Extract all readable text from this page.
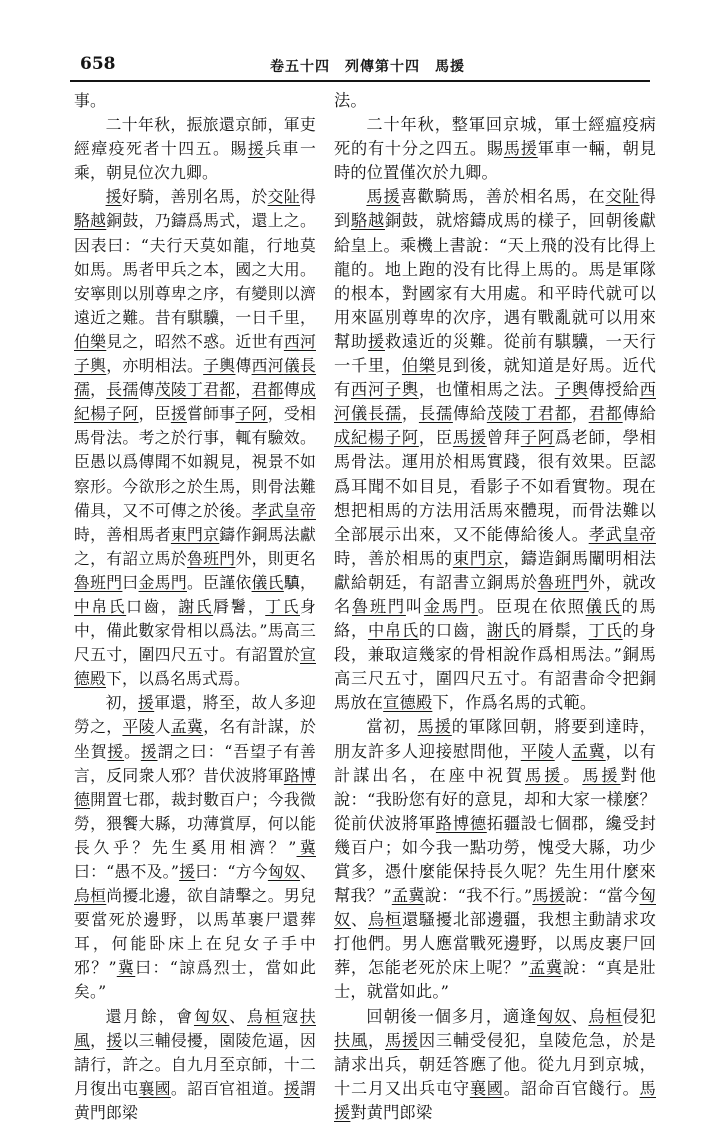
658	卷五十四　列傳第十四　馬援

事。

二十年秋，振旅還京師，軍吏經瘴疫死者十四五。賜援兵車一乘，朝見位次九卿。

援好騎，善別名馬，於交阯得駱越銅鼓，乃鑄爲馬式，還上之。因表曰：“夫行天莫如龍，行地莫如馬。馬者甲兵之本，國之大用。安寧則以別尊卑之序，有變則以濟遠近之難。昔有騏驥，一日千里，伯樂見之，昭然不惑。近世有西河子輿，亦明相法。子輿傳西河儀長孺，長孺傳茂陵丁君都，君都傳成紀楊子阿，臣援嘗師事子阿，受相馬骨法。考之於行事，輒有驗效。臣愚以爲傳聞不如親見，視景不如察形。今欲形之於生馬，則骨法難備具，又不可傳之於後。孝武皇帝時，善相馬者東門京鑄作銅馬法獻之，有詔立馬於魯班門外，則更名魯班門曰金馬門。臣謹依儀氏𩥄，中帛氏口齒，謝氏脣鬐，丁氏身中，備此數家骨相以爲法。”馬高三尺五寸，圍四尺五寸。有詔置於宣德殿下，以爲名馬式焉。

初，援軍還，將至，故人多迎勞之，平陵人孟冀，名有計謀，於坐賀援。援謂之曰：“吾望子有善言，反同衆人邪？昔伏波將軍路博德開置七郡，裁封數百户；今我微勞，猥饗大縣，功薄賞厚，何以能長久乎？先生奚用相濟？”冀曰：“愚不及。”援曰：“方今匈奴、烏桓尚擾北邊，欲自請擊之。男兒要當死於邊野，以馬革裹尸還葬耳，何能卧床上在兒女子手中邪？”冀曰：“諒爲烈士，當如此矣。”

還月餘，會匈奴、烏桓寇扶風，援以三輔侵擾，園陵危逼，因請行，許之。自九月至京師，十二月復出屯襄國。詔百官祖道。援謂黄門郎梁

法。

二十年秋，整軍回京城，軍士經瘟疫病死的有十分之四五。賜馬援軍車一輛，朝見時的位置僅次於九卿。

馬援喜歡騎馬，善於相名馬，在交阯得到駱越銅鼓，就熔鑄成馬的樣子，回朝後獻給皇上。乘機上書說：“天上飛的没有比得上龍的。地上跑的没有比得上馬的。馬是軍隊的根本，對國家有大用處。和平時代就可以用來區別尊卑的次序，遇有戰亂就可以用來幫助援救遠近的災難。從前有騏驥，一天行一千里，伯樂見到後，就知道是好馬。近代有西河子輿，也懂相馬之法。子輿傳授給西河儀長孺，長孺傳給茂陵丁君都，君都傳給成紀楊子阿，臣馬援曾拜子阿爲老師，學相馬骨法。運用於相馬實踐，很有效果。臣認爲耳聞不如目見，看影子不如看實物。現在想把相馬的方法用活馬來體現，而骨法難以全部展示出來，又不能傳給後人。孝武皇帝時，善於相馬的東門京，鑄造銅馬闡明相法獻給朝廷，有詔書立銅馬於魯班門外，就改名魯班門叫金馬門。臣現在依照儀氏的馬絡，中帛氏的口齒，謝氏的脣鬃，丁氏的身段，兼取這幾家的骨相說作爲相馬法。”銅馬高三尺五寸，圍四尺五寸。有詔書命令把銅馬放在宣德殿下，作爲名馬的式範。

當初，馬援的軍隊回朝，將要到達時，朋友許多人迎接慰問他，平陵人孟冀，以有計謀出名，在座中祝賀馬援。馬援對他說：“我盼您有好的意見，却和大家一樣麼？從前伏波將軍路博德拓疆設七個郡，纔受封幾百户；如今我一點功勞，愧受大縣，功少賞多，憑什麼能保持長久呢？先生用什麼來幫我？”孟冀說：“我不行。”馬援說：“當今匈奴、烏桓還騷擾北部邊疆，我想主動請求攻打他們。男人應當戰死邊野，以馬皮裹尸回葬，怎能老死於床上呢？”孟冀說：“真是壯士，就當如此。”

回朝後一個多月，適逢匈奴、烏桓侵犯扶風，馬援因三輔受侵犯，皇陵危急，於是請求出兵，朝廷答應了他。從九月到京城，十二月又出兵屯守襄國。詔命百官餞行。馬援對黄門郎梁
